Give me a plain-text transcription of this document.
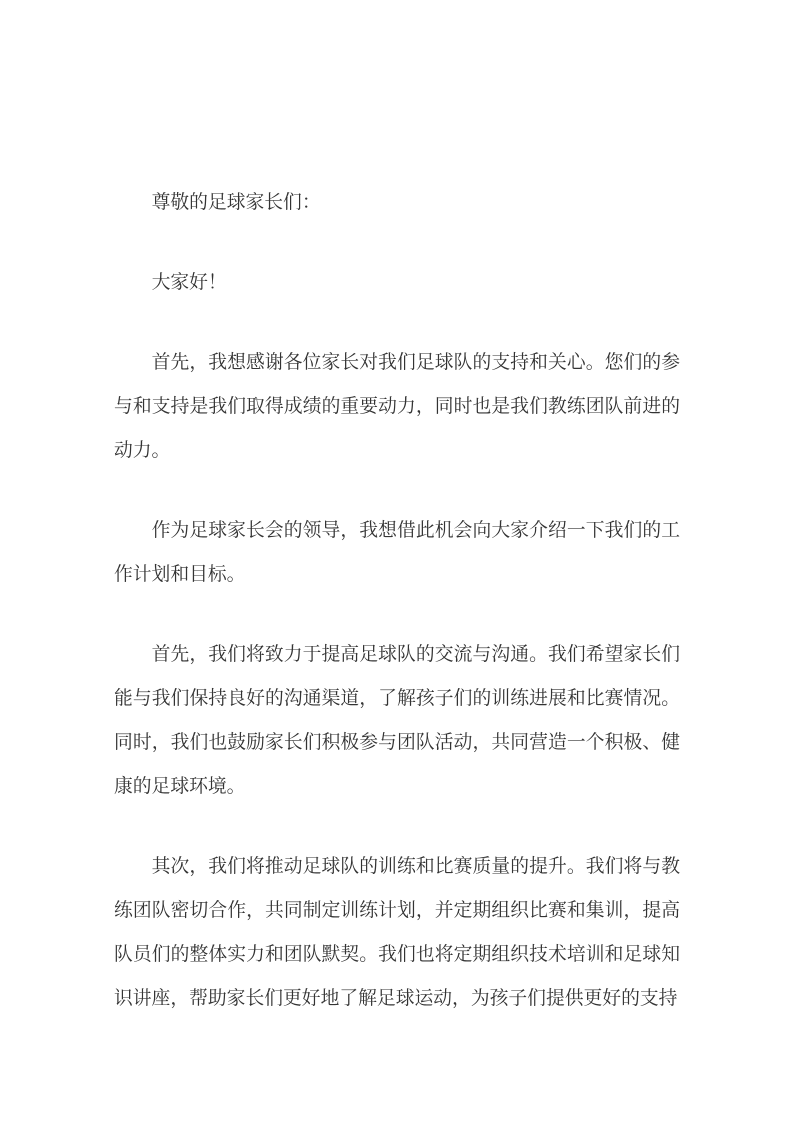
尊敬的足球家长们：

大家好！

首先，我想感谢各位家长对我们足球队的支持和关心。您们的参与和支持是我们取得成绩的重要动力，同时也是我们教练团队前进的动力。

作为足球家长会的领导，我想借此机会向大家介绍一下我们的工作计划和目标。

首先，我们将致力于提高足球队的交流与沟通。我们希望家长们能与我们保持良好的沟通渠道，了解孩子们的训练进展和比赛情况。同时，我们也鼓励家长们积极参与团队活动，共同营造一个积极、健康的足球环境。

其次，我们将推动足球队的训练和比赛质量的提升。我们将与教练团队密切合作，共同制定训练计划，并定期组织比赛和集训，提高队员们的整体实力和团队默契。我们也将定期组织技术培训和足球知识讲座，帮助家长们更好地了解足球运动，为孩子们提供更好的支持
